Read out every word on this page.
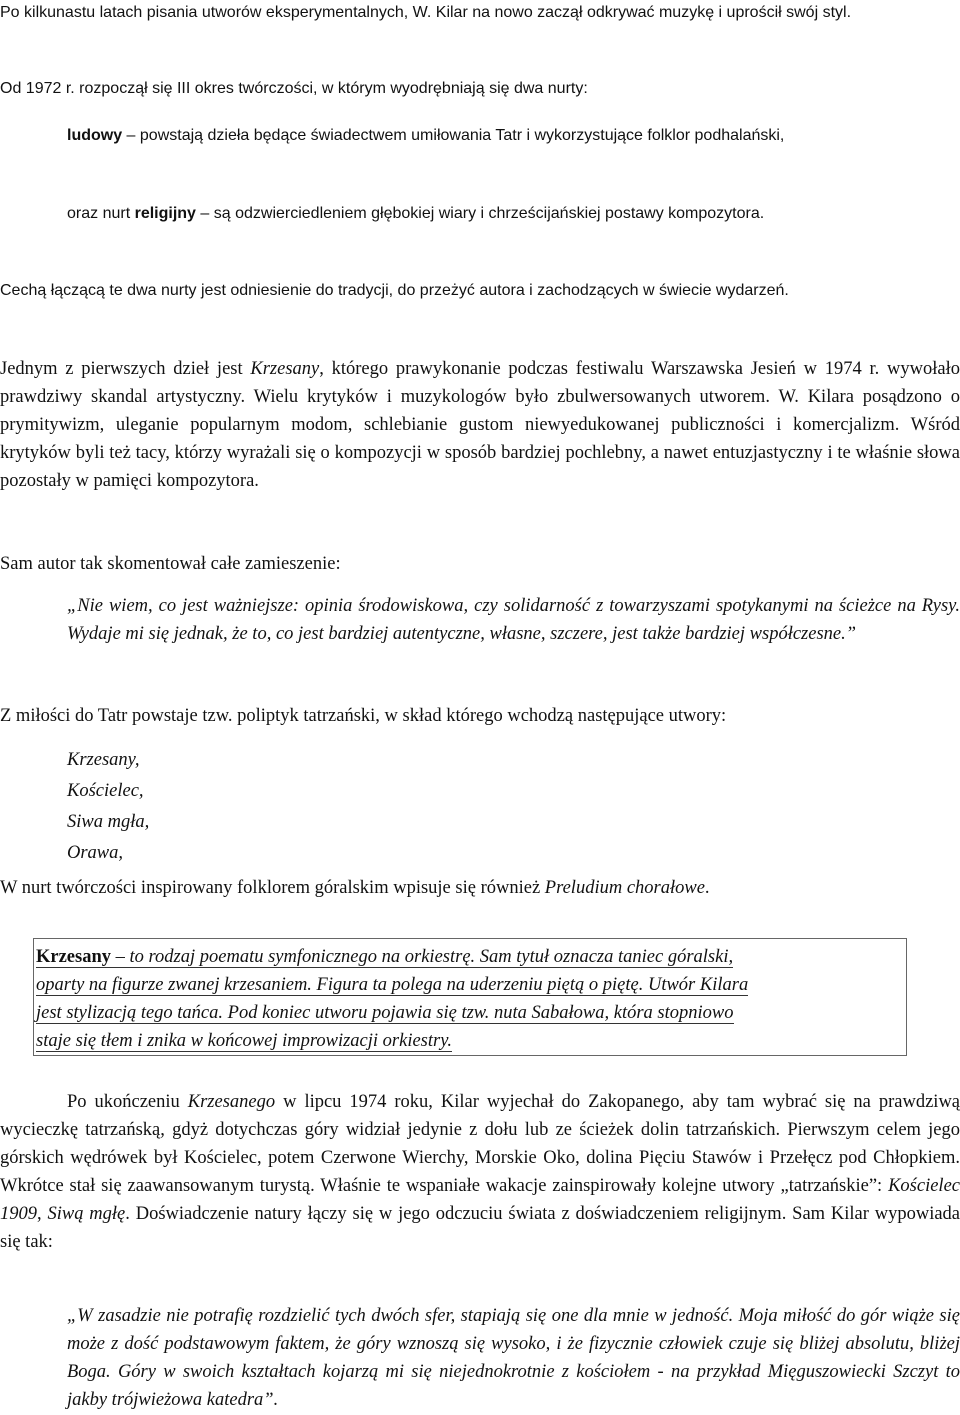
Po kilkunastu latach pisania utworów eksperymentalnych, W. Kilar na nowo zaczął odkrywać muzykę i uprościł swój styl.

Od 1972 r. rozpoczął się III okres twórczości, w którym wyodrębniają się dwa nurty:

ludowy – powstają dzieła będące świadectwem umiłowania Tatr i wykorzystujące folklor podhalański,

oraz nurt religijny – są odzwierciedleniem głębokiej wiary i chrześcijańskiej postawy kompozytora.

Cechą łączącą te dwa nurty jest odniesienie do tradycji, do przeżyć autora i zachodzących w świecie wydarzeń.

Jednym z pierwszych dzieł jest Krzesany, którego prawykonanie podczas festiwalu Warszawska Jesień w 1974 r. wywołało prawdziwy skandal artystyczny. Wielu krytyków i muzykologów było zbulwersowanych utworem. W. Kilara posądzono o prymitywizm, uleganie popularnym modom, schlebianie gustom niewyedukowanej publiczności i komercjalizm. Wśród krytyków byli też tacy, którzy wyrażali się o kompozycji w sposób bardziej pochlebny, a nawet entuzjastyczny i te właśnie słowa pozostały w pamięci kompozytora.

Sam autor tak skomentował całe zamieszenie:

„Nie wiem, co jest ważniejsze: opinia środowiskowa, czy solidarność z towarzyszami spotykanymi na ścieżce na Rysy. Wydaje mi się jednak, że to, co jest bardziej autentyczne, własne, szczere, jest także bardziej współczesne.”

Z miłości do Tatr powstaje tzw. poliptyk tatrzański, w skład którego wchodzą następujące utwory:

Krzesany,
Kościelec,
Siwa mgła,
Orawa,

W nurt twórczości inspirowany folklorem góralskim wpisuje się również Preludium chorałowe.

Krzesany – to rodzaj poematu symfonicznego na orkiestrę. Sam tytuł oznacza taniec góralski,
oparty na figurze zwanej krzesaniem. Figura ta polega na uderzeniu piętą o piętę. Utwór Kilara
jest stylizacją tego tańca. Pod koniec utworu pojawia się tzw. nuta Sabałowa, która stopniowo
staje się tłem i znika w końcowej improwizacji orkiestry.

Po ukończeniu Krzesanego w lipcu 1974 roku, Kilar wyjechał do Zakopanego, aby tam wybrać się na prawdziwą wycieczkę tatrzańską, gdyż dotychczas góry widział jedynie z dołu lub ze ścieżek dolin tatrzańskich. Pierwszym celem jego górskich wędrówek był Kościelec, potem Czerwone Wierchy, Morskie Oko, dolina Pięciu Stawów i Przełęcz pod Chłopkiem. Wkrótce stał się zaawansowanym turystą. Właśnie te wspaniałe wakacje zainspirowały kolejne utwory „tatrzańskie”: Kościelec 1909, Siwą mgłę. Doświadczenie natury łączy się w jego odczuciu świata z doświadczeniem religijnym. Sam Kilar wypowiada się tak:

„W zasadzie nie potrafię rozdzielić tych dwóch sfer, stapiają się one dla mnie w jedność. Moja miłość do gór wiąże się może z dość podstawowym faktem, że góry wznoszą się wysoko, i że fizycznie człowiek czuje się bliżej absolutu, bliżej Boga. Góry w swoich kształtach kojarzą mi się niejednokrotnie z kościołem - na przykład Mięguszowiecki Szczyt to jakby trójwieżowa katedra”.
